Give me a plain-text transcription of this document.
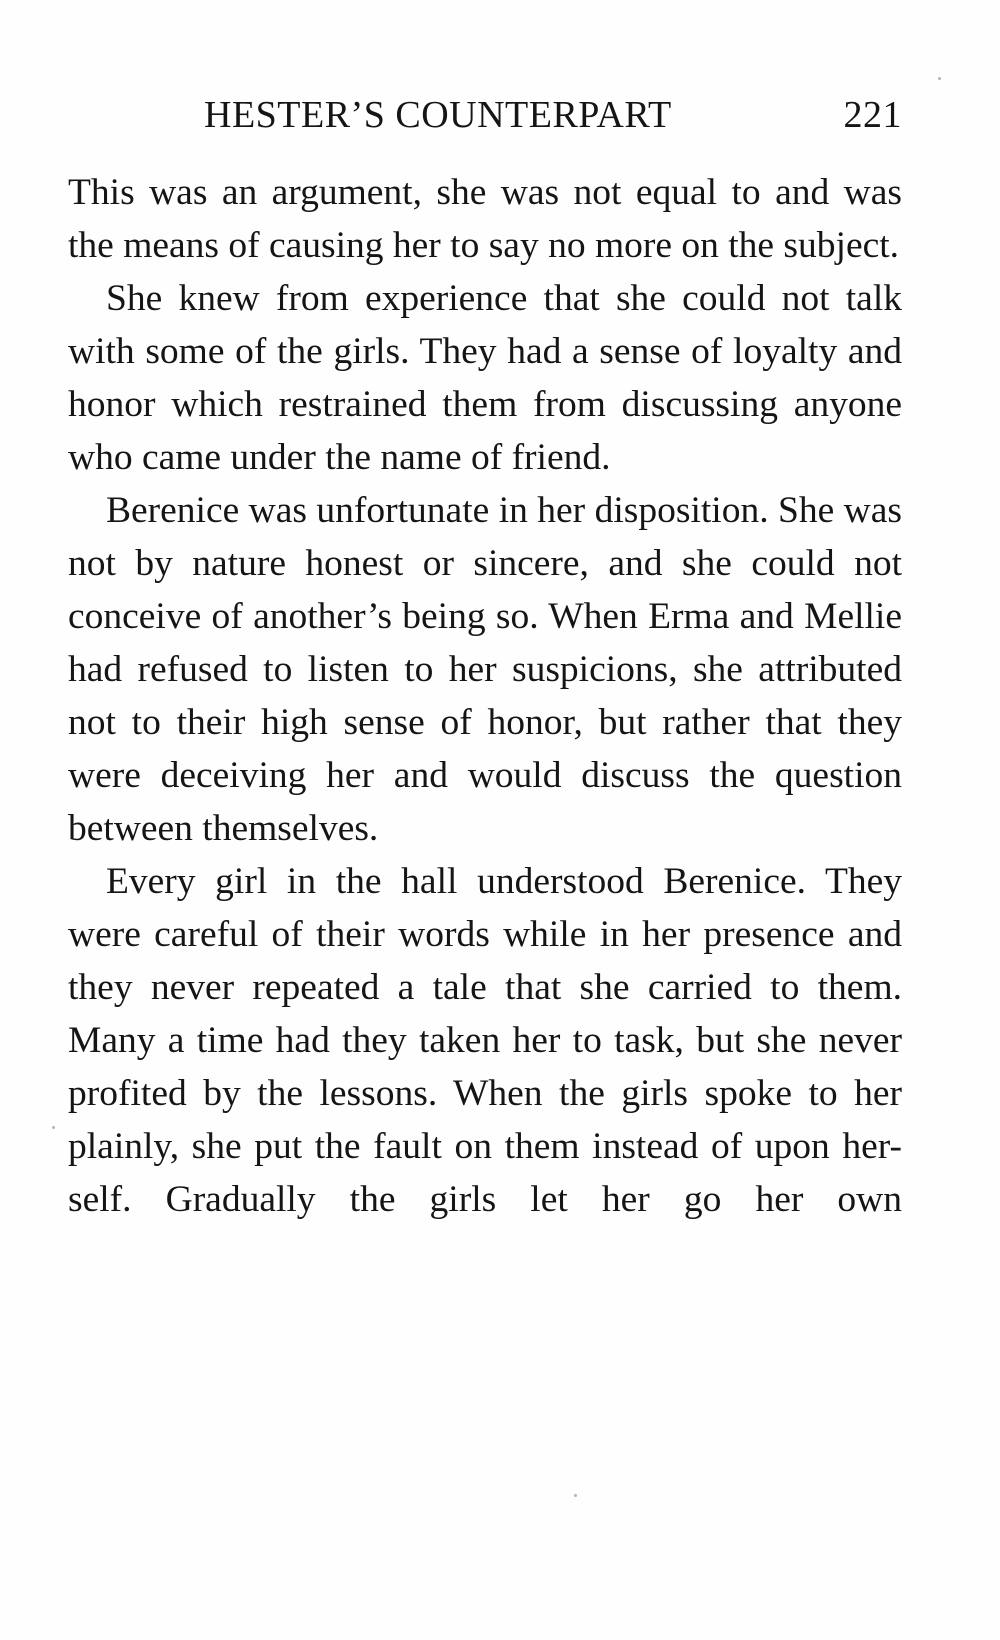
HESTER’S COUNTERPART	221

This was an argument, she was not equal to and was the means of causing her to say no more on the subject.

She knew from experience that she could not talk with some of the girls. They had a sense of loyalty and honor which restrained them from discussing anyone who came under the name of friend.

Berenice was unfortunate in her disposition. She was not by nature honest or sincere, and she could not conceive of another’s being so. When Erma and Mellie had refused to listen to her suspicions, she attributed not to their high sense of honor, but rather that they were deceiving her and would discuss the question between themselves.

Every girl in the hall understood Berenice. They were careful of their words while in her presence and they never repeated a tale that she carried to them. Many a time had they taken her to task, but she never profited by the lessons. When the girls spoke to her plainly, she put the fault on them instead of upon her-self. Gradually the girls let her go her own
